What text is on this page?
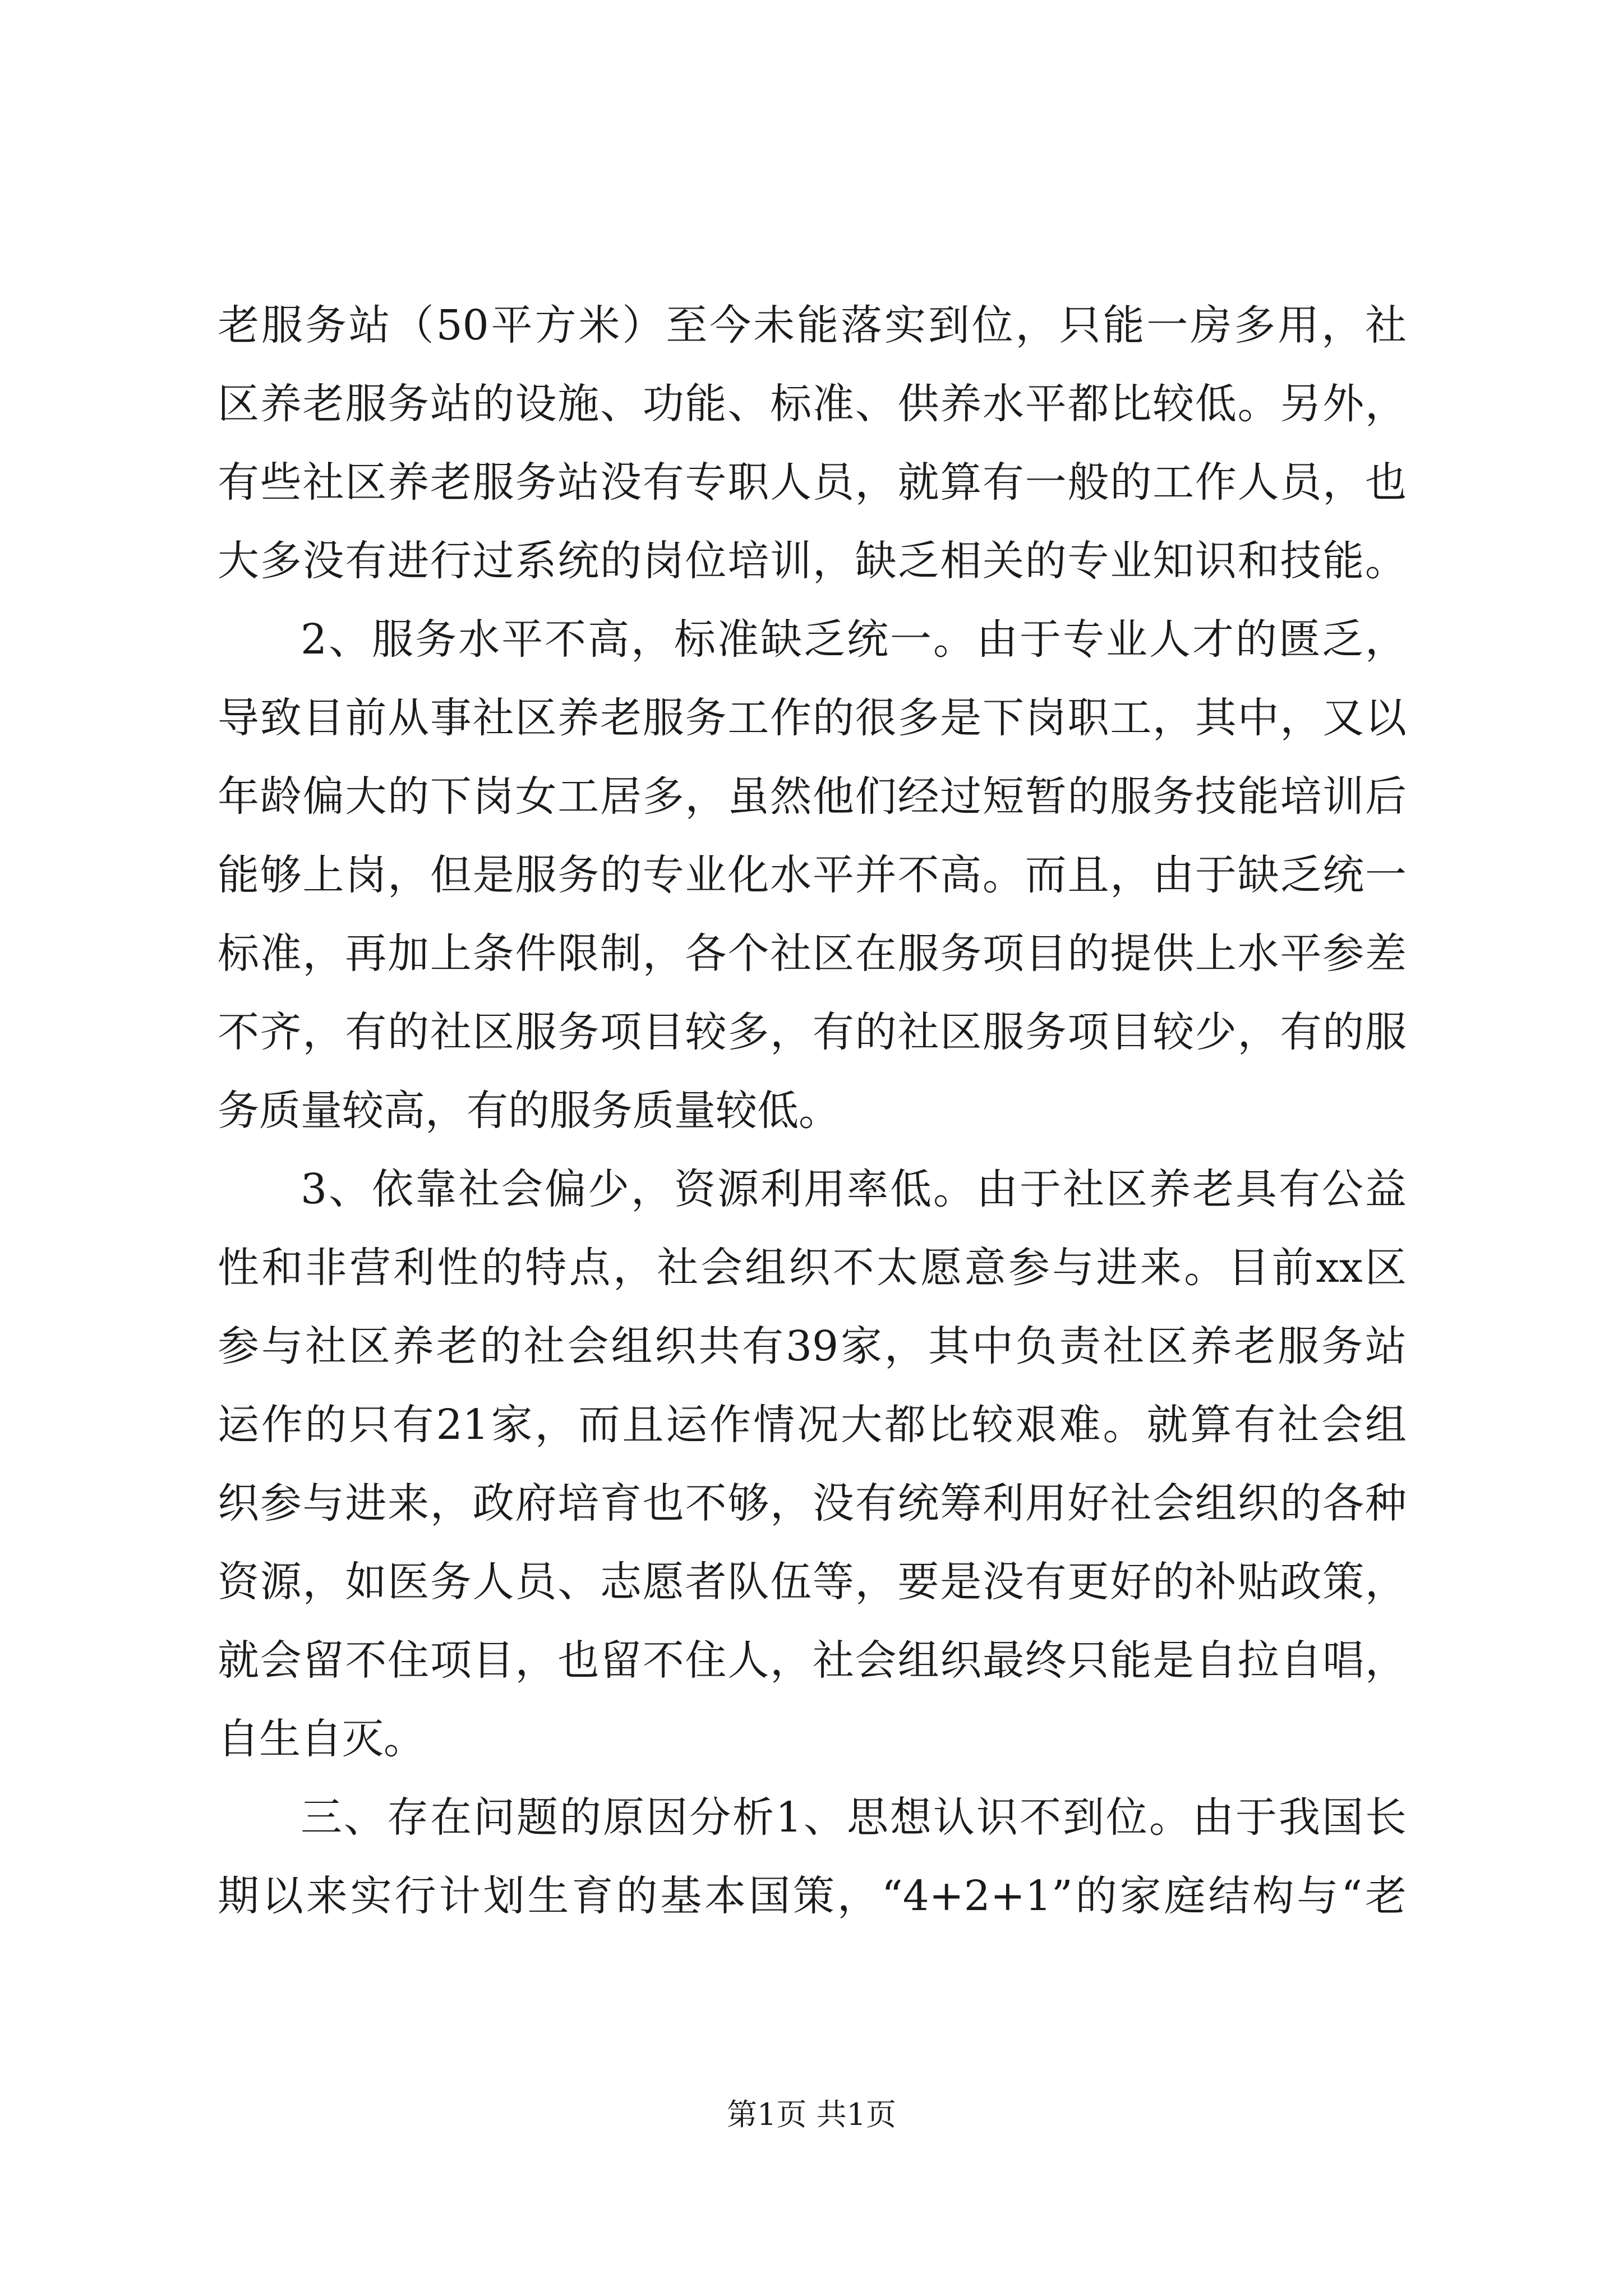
老服务站（50平方米）至今未能落实到位，只能一房多用，社
区养老服务站的设施、功能、标准、供养水平都比较低。另外，
有些社区养老服务站没有专职人员，就算有一般的工作人员，也
大多没有进行过系统的岗位培训，缺乏相关的专业知识和技能。
2、服务水平不高，标准缺乏统一。由于专业人才的匮乏，
导致目前从事社区养老服务工作的很多是下岗职工，其中，又以
年龄偏大的下岗女工居多，虽然他们经过短暂的服务技能培训后
能够上岗，但是服务的专业化水平并不高。而且，由于缺乏统一
标准，再加上条件限制，各个社区在服务项目的提供上水平参差
不齐，有的社区服务项目较多，有的社区服务项目较少，有的服
务质量较高，有的服务质量较低。
3、依靠社会偏少，资源利用率低。由于社区养老具有公益
性和非营利性的特点，社会组织不太愿意参与进来。目前xx区
参与社区养老的社会组织共有39家，其中负责社区养老服务站
运作的只有21家，而且运作情况大都比较艰难。就算有社会组
织参与进来，政府培育也不够，没有统筹利用好社会组织的各种
资源，如医务人员、志愿者队伍等，要是没有更好的补贴政策，
就会留不住项目，也留不住人，社会组织最终只能是自拉自唱，
自生自灭。
三、存在问题的原因分析1、思想认识不到位。由于我国长
期以来实行计划生育的基本国策，“4+2+1”的家庭结构与“老
第1页 共1页
